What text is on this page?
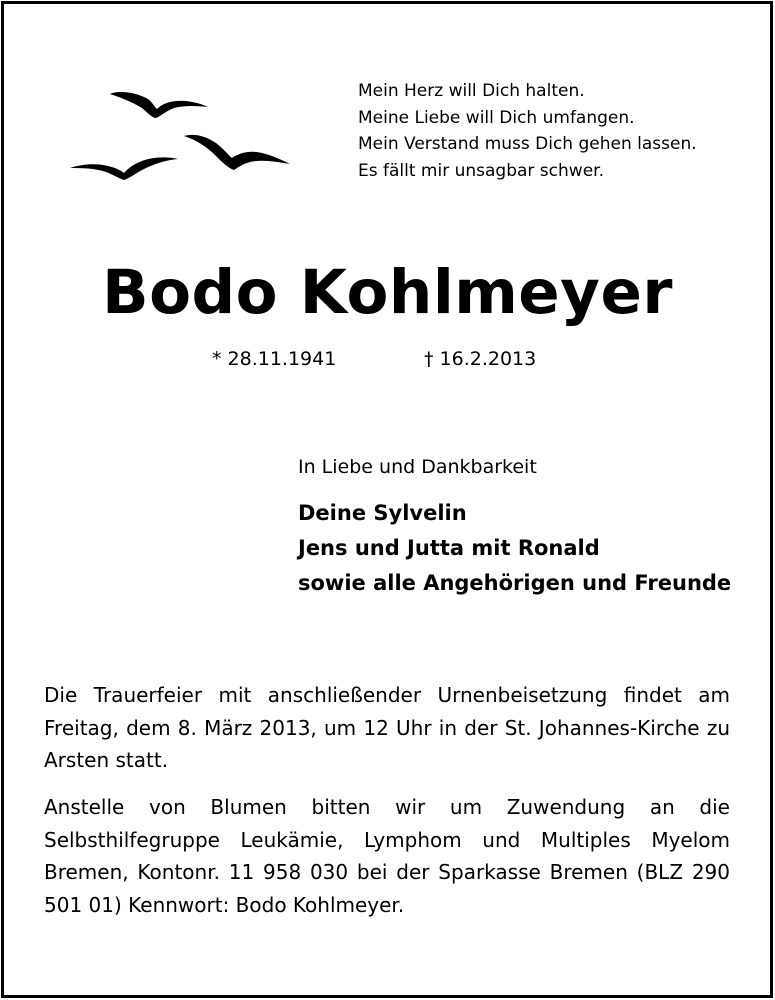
Mein Herz will Dich halten.
Meine Liebe will Dich umfangen.
Mein Verstand muss Dich gehen lassen.
Es fällt mir unsagbar schwer.
Bodo Kohlmeyer
* 28.11.1941	† 16.2.2013
In Liebe und Dankbarkeit
Deine Sylvelin
Jens und Jutta mit Ronald
sowie alle Angehörigen und Freunde
Die Trauerfeier mit anschließender Urnenbeisetzung findet am Freitag, dem 8. März 2013, um 12 Uhr in der St. Johannes-Kirche zu Arsten statt.
Anstelle von Blumen bitten wir um Zuwendung an die Selbsthilfegruppe Leukämie, Lymphom und Multiples Myelom Bremen, Kontonr. 11 958 030 bei der Sparkasse Bremen (BLZ 290 501 01) Kennwort: Bodo Kohlmeyer.
